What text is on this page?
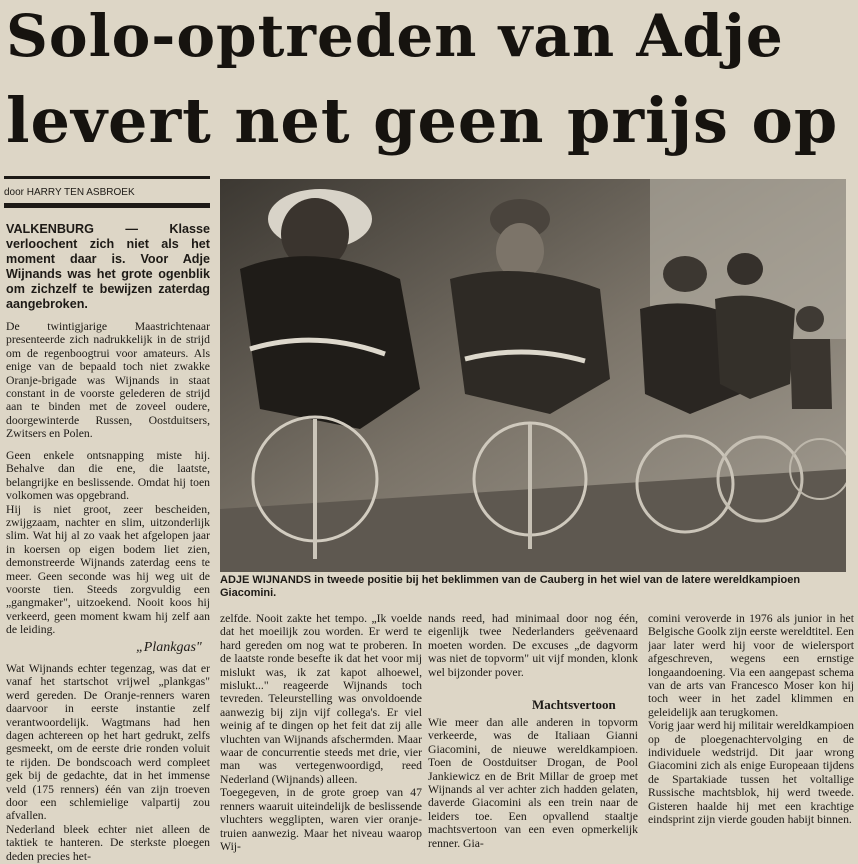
Solo-optreden van Adje
levert net geen prijs op
door HARRY TEN ASBROEK
VALKENBURG — Klasse verloochent zich niet als het moment daar is. Voor Adje Wijnands was het grote ogenblik om zichzelf te bewijzen zaterdag aangebroken.
De twintigjarige Maastrichtenaar presenteerde zich nadrukkelijk in de strijd om de regenboogtrui voor amateurs. Als enige van de bepaald toch niet zwakke Oranje-brigade was Wijnands in staat constant in de voorste gelederen de strijd aan te binden met de zoveel oudere, doorgewinterde Russen, Oostduitsers, Zwitsers en Polen.
Geen enkele ontsnapping miste hij. Behalve dan die ene, die laatste, belangrijke en beslissende. Omdat hij toen volkomen was opgebrand.
Hij is niet groot, zeer bescheiden, zwijgzaam, nachter en slim, uitzonderlijk slim. Wat hij al zo vaak het afgelopen jaar in koersen op eigen bodem liet zien, demonstreerde Wijnands zaterdag eens te meer. Geen seconde was hij weg uit de voorste tien. Steeds zorgvuldig een „gangmaker", uitzoekend. Nooit koos hij verkeerd, geen moment kwam hij zelf aan de leiding.
„Plankgas"
Wat Wijnands echter tegenzag, was dat er vanaf het startschot vrijwel „plankgas" werd gereden. De Oranje-renners waren daarvoor in eerste instantie zelf verantwoordelijk. Wagtmans had hen dagen achtereen op het hart gedrukt, zelfs gesmeekt, om de eerste drie ronden voluit te rijden. De bondscoach werd compleet gek bij de gedachte, dat in het immense veld (175 renners) één van zijn troeven door een schlemielige valpartij zou afvallen.
Nederland bleek echter niet alleen de taktiek te hanteren. De sterkste ploegen deden precies het-
ADJE WIJNANDS in tweede positie bij het beklimmen van de Cauberg in het wiel van de latere wereldkampioen Giacomini.
zelfde. Nooit zakte het tempo. „Ik voelde dat het moeilijk zou worden. Er werd te hard gereden om nog wat te proberen. In de laatste ronde besefte ik dat het voor mij mislukt was, ik zat kapot alhoewel, mislukt..." reageerde Wijnands toch tevreden. Teleurstelling was onvoldoende aanwezig bij zijn vijf collega's. Er viel weinig af te dingen op het feit dat zij alle vluchten van Wijnands afschermden. Maar waar de concurrentie steeds met drie, vier man was vertegenwoordigd, reed Nederland (Wijnands) alleen.
Toegegeven, in de grote groep van 47 renners waaruit uiteindelijk de beslissende vluchters wegglipten, waren vier oranje-truien aanwezig. Maar het niveau waarop Wij-
nands reed, had minimaal door nog één, eigenlijk twee Nederlanders geëvenaard moeten worden. De excuses „de dagvorm was niet de topvorm" uit vijf monden, klonk wel bijzonder pover.
Machtsvertoon
Wie meer dan alle anderen in topvorm verkeerde, was de Italiaan Gianni Giacomini, de nieuwe wereldkampioen. Toen de Oostduitser Drogan, de Pool Jankiewicz en de Brit Millar de groep met Wijnands al ver achter zich hadden gelaten, daverde Giacomini als een trein naar de leiders toe. Een opvallend staaltje machtsvertoon van een even opmerkelijk renner. Gia-
comini veroverde in 1976 als junior in het Belgische Goolk zijn eerste wereldtitel. Een jaar later werd hij voor de wielersport afgeschreven, wegens een ernstige longaandoening. Via een aangepast schema van de arts van Francesco Moser kon hij toch weer in het zadel klimmen en geleidelijk aan terugkomen.
Vorig jaar werd hij militair wereldkampioen op de ploegenachtervolging en de individuele wedstrijd. Dit jaar wrong Giacomini zich als enige Europeaan tijdens de Spartakiade tussen het voltallige Russische machtsblok, hij werd tweede. Gisteren haalde hij met een krachtige eindsprint zijn vierde gouden habijt binnen.
